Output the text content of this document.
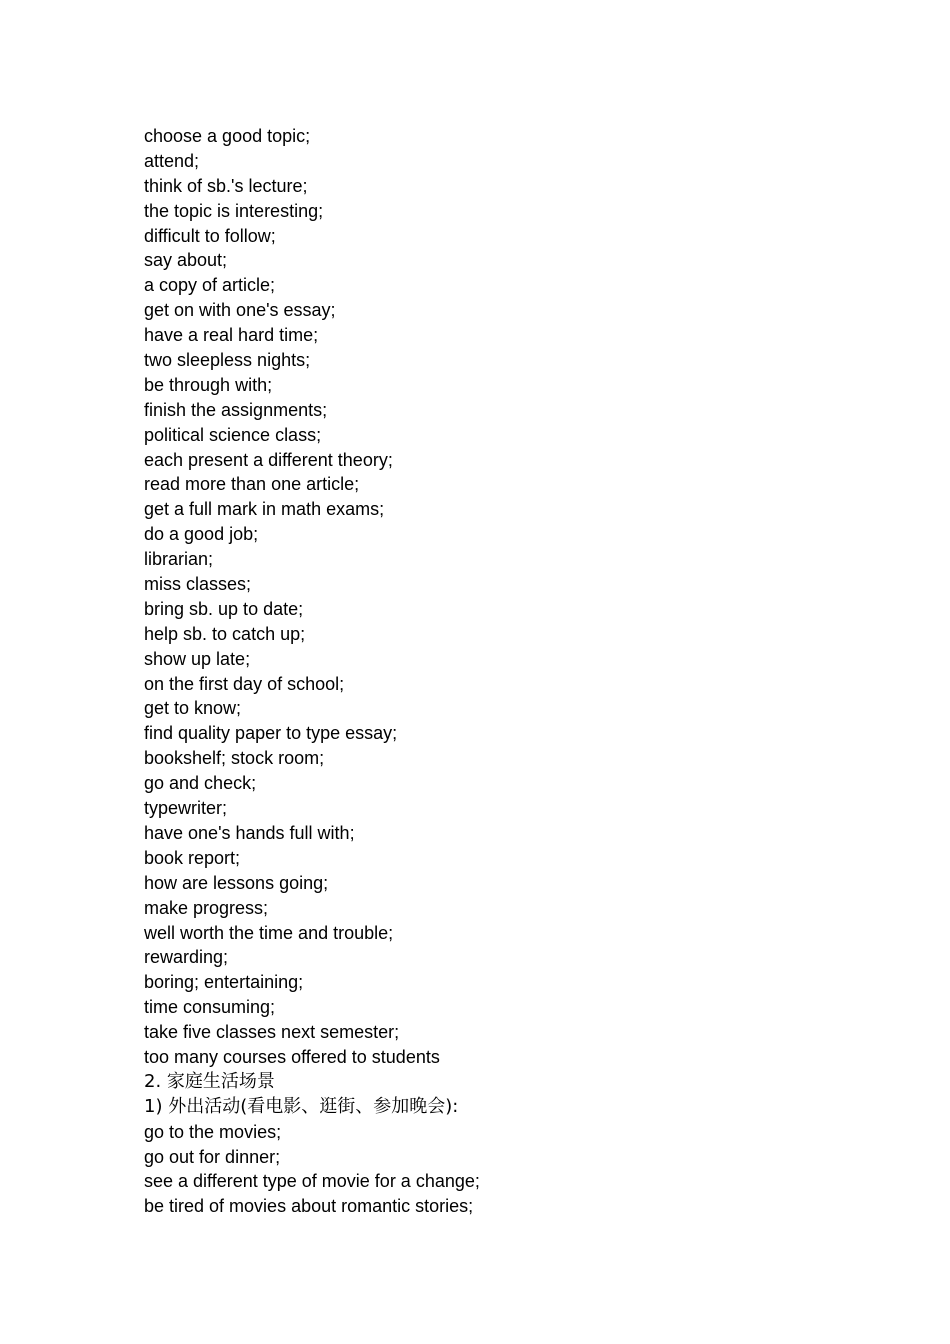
choose a good topic;
attend;
think of sb.'s lecture;
the topic is interesting;
difficult to follow;
say about;
a copy of article;
get on with one's essay;
have a real hard time;
two sleepless nights;
be through with;
finish the assignments;
political science class;
each present a different theory;
read more than one article;
get a full mark in math exams;
do a good job;
librarian;
miss classes;
bring sb. up to date;
help sb. to catch up;
show up late;
on the first day of school;
get to know;
find quality paper to type essay;
bookshelf; stock room;
go and check;
typewriter;
have one's hands full with;
book report;
how are lessons going;
make progress;
well worth the time and trouble;
rewarding;
boring; entertaining;
time consuming;
take five classes next semester;
too many courses offered to students
2. 家庭生活场景
1) 外出活动(看电影、逛街、参加晚会):
go to the movies;
go out for dinner;
see a different type of movie for a change;
be tired of movies about romantic stories;
